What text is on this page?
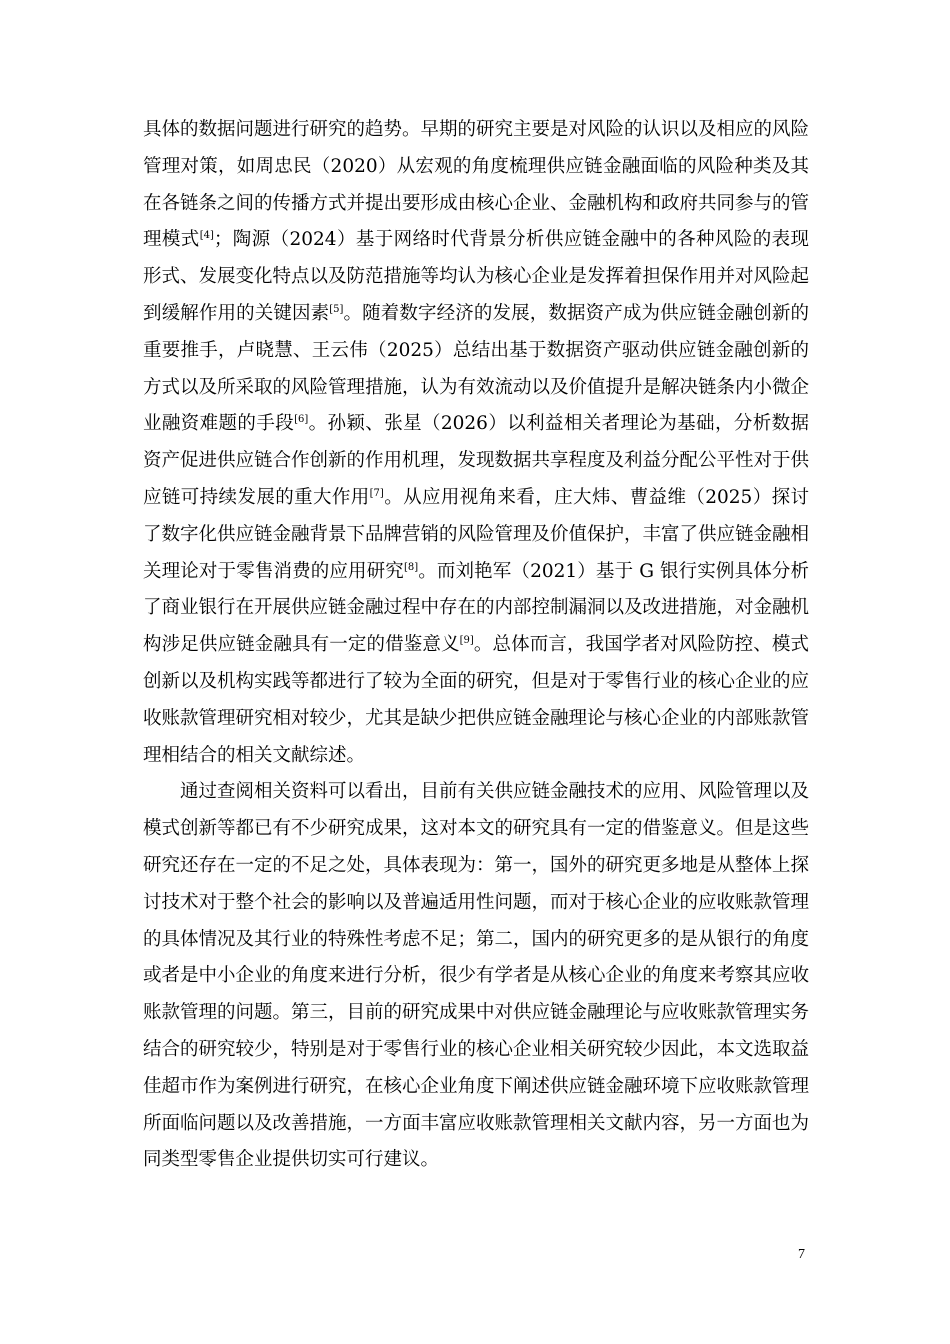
具体的数据问题进行研究的趋势。早期的研究主要是对风险的认识以及相应的风险管理对策，如周忠民（2020）从宏观的角度梳理供应链金融面临的风险种类及其在各链条之间的传播方式并提出要形成由核心企业、金融机构和政府共同参与的管理模式[4]；陶源（2024）基于网络时代背景分析供应链金融中的各种风险的表现形式、发展变化特点以及防范措施等均认为核心企业是发挥着担保作用并对风险起到缓解作用的关键因素[5]。随着数字经济的发展，数据资产成为供应链金融创新的重要推手，卢晓慧、王云伟（2025）总结出基于数据资产驱动供应链金融创新的方式以及所采取的风险管理措施，认为有效流动以及价值提升是解决链条内小微企业融资难题的手段[6]。孙颖、张星（2026）以利益相关者理论为基础，分析数据资产促进供应链合作创新的作用机理，发现数据共享程度及利益分配公平性对于供应链可持续发展的重大作用[7]。从应用视角来看，庄大炜、曹益维（2025）探讨了数字化供应链金融背景下品牌营销的风险管理及价值保护，丰富了供应链金融相关理论对于零售消费的应用研究[8]。而刘艳军（2021）基于 G 银行实例具体分析了商业银行在开展供应链金融过程中存在的内部控制漏洞以及改进措施，对金融机构涉足供应链金融具有一定的借鉴意义[9]。总体而言，我国学者对风险防控、模式创新以及机构实践等都进行了较为全面的研究，但是对于零售行业的核心企业的应收账款管理研究相对较少，尤其是缺少把供应链金融理论与核心企业的内部账款管理相结合的相关文献综述。

通过查阅相关资料可以看出，目前有关供应链金融技术的应用、风险管理以及模式创新等都已有不少研究成果，这对本文的研究具有一定的借鉴意义。但是这些研究还存在一定的不足之处，具体表现为：第一，国外的研究更多地是从整体上探讨技术对于整个社会的影响以及普遍适用性问题，而对于核心企业的应收账款管理的具体情况及其行业的特殊性考虑不足；第二，国内的研究更多的是从银行的角度或者是中小企业的角度来进行分析，很少有学者是从核心企业的角度来考察其应收账款管理的问题。第三，目前的研究成果中对供应链金融理论与应收账款管理实务结合的研究较少，特别是对于零售行业的核心企业相关研究较少因此，本文选取益佳超市作为案例进行研究，在核心企业角度下阐述供应链金融环境下应收账款管理所面临问题以及改善措施，一方面丰富应收账款管理相关文献内容，另一方面也为同类型零售企业提供切实可行建议。

7
